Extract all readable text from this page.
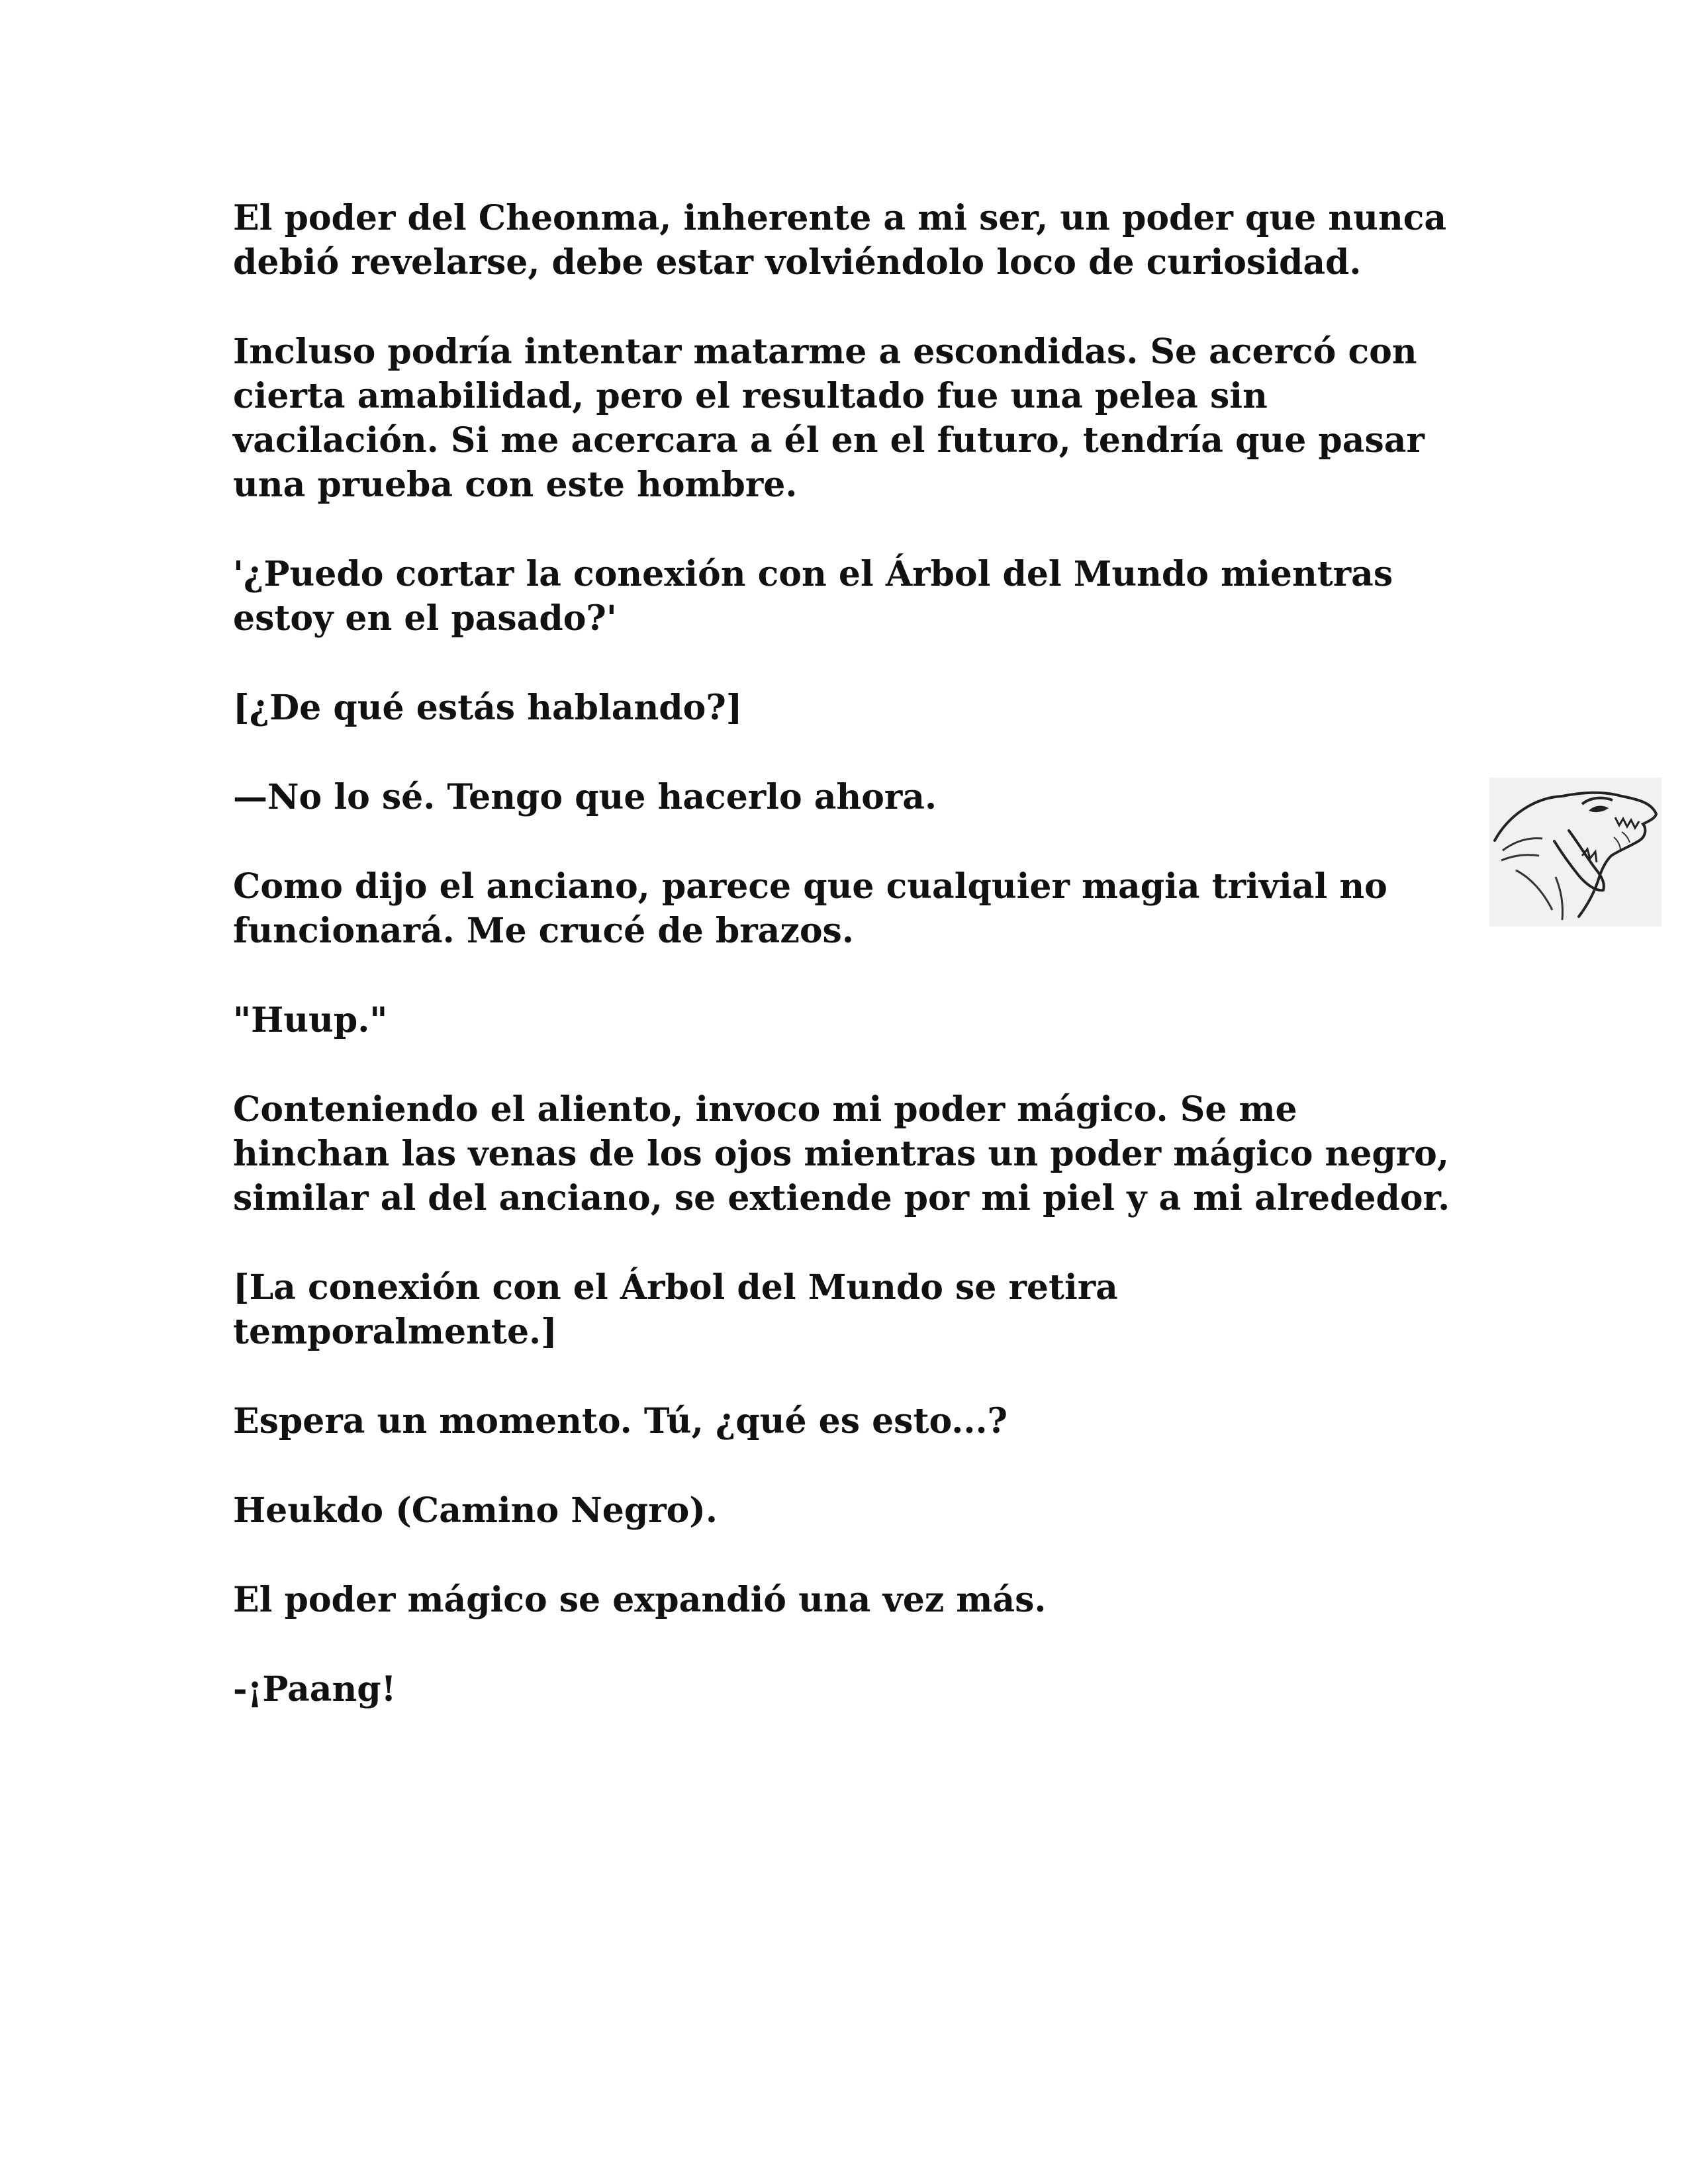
El poder del Cheonma, inherente a mi ser, un poder que nunca debió revelarse, debe estar volviéndolo loco de curiosidad.

Incluso podría intentar matarme a escondidas. Se acercó con cierta amabilidad, pero el resultado fue una pelea sin vacilación. Si me acercara a él en el futuro, tendría que pasar una prueba con este hombre.

'¿Puedo cortar la conexión con el Árbol del Mundo mientras estoy en el pasado?'

[¿De qué estás hablando?]

—No lo sé. Tengo que hacerlo ahora.

Como dijo el anciano, parece que cualquier magia trivial no funcionará. Me crucé de brazos.

"Huup."

Conteniendo el aliento, invoco mi poder mágico. Se me hinchan las venas de los ojos mientras un poder mágico negro, similar al del anciano, se extiende por mi piel y a mi alrededor.

[La conexión con el Árbol del Mundo se retira temporalmente.]

Espera un momento. Tú, ¿qué es esto...?

Heukdo (Camino Negro).

El poder mágico se expandió una vez más.

-¡Paang!
